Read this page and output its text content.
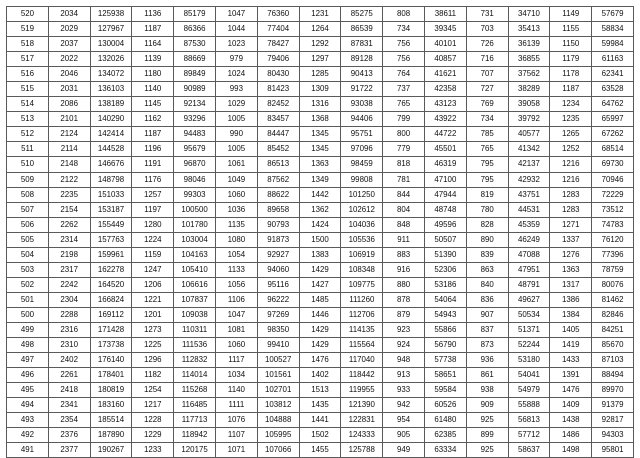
520	2034	125938	1136	85179	1047	76360	1231	85275	808	38611	731	34710	1149	57679
519	2029	127967	1187	86366	1044	77404	1264	86539	734	39345	703	35413	1155	58834
518	2037	130004	1164	87530	1023	78427	1292	87831	756	40101	726	36139	1150	59984
517	2022	132026	1139	88669	979	79406	1297	89128	756	40857	716	36855	1179	61163
516	2046	134072	1180	89849	1024	80430	1285	90413	764	41621	707	37562	1178	62341
515	2031	136103	1140	90989	993	81423	1309	91722	737	42358	727	38289	1187	63528
514	2086	138189	1145	92134	1029	82452	1316	93038	765	43123	769	39058	1234	64762
513	2101	140290	1162	93296	1005	83457	1368	94406	799	43922	734	39792	1235	65997
512	2124	142414	1187	94483	990	84447	1345	95751	800	44722	785	40577	1265	67262
511	2114	144528	1196	95679	1005	85452	1345	97096	779	45501	765	41342	1252	68514
510	2148	146676	1191	96870	1061	86513	1363	98459	818	46319	795	42137	1216	69730
509	2122	148798	1176	98046	1049	87562	1349	99808	781	47100	795	42932	1216	70946
508	2235	151033	1257	99303	1060	88622	1442	101250	844	47944	819	43751	1283	72229
507	2154	153187	1197	100500	1036	89658	1362	102612	804	48748	780	44531	1283	73512
506	2262	155449	1280	101780	1135	90793	1424	104036	848	49596	828	45359	1271	74783
505	2314	157763	1224	103004	1080	91873	1500	105536	911	50507	890	46249	1337	76120
504	2198	159961	1159	104163	1054	92927	1383	106919	883	51390	839	47088	1276	77396
503	2317	162278	1247	105410	1133	94060	1429	108348	916	52306	863	47951	1363	78759
502	2242	164520	1206	106616	1056	95116	1427	109775	880	53186	840	48791	1317	80076
501	2304	166824	1221	107837	1106	96222	1485	111260	878	54064	836	49627	1386	81462
500	2288	169112	1201	109038	1047	97269	1446	112706	879	54943	907	50534	1384	82846
499	2316	171428	1273	110311	1081	98350	1429	114135	923	55866	837	51371	1405	84251
498	2310	173738	1225	111536	1060	99410	1429	115564	924	56790	873	52244	1419	85670
497	2402	176140	1296	112832	1117	100527	1476	117040	948	57738	936	53180	1433	87103
496	2261	178401	1182	114014	1034	101561	1402	118442	913	58651	861	54041	1391	88494
495	2418	180819	1254	115268	1140	102701	1513	119955	933	59584	938	54979	1476	89970
494	2341	183160	1217	116485	1111	103812	1435	121390	942	60526	909	55888	1409	91379
493	2354	185514	1228	117713	1076	104888	1441	122831	954	61480	925	56813	1438	92817
492	2376	187890	1229	118942	1107	105995	1502	124333	905	62385	899	57712	1486	94303
491	2377	190267	1233	120175	1071	107066	1455	125788	949	63334	925	58637	1498	95801
